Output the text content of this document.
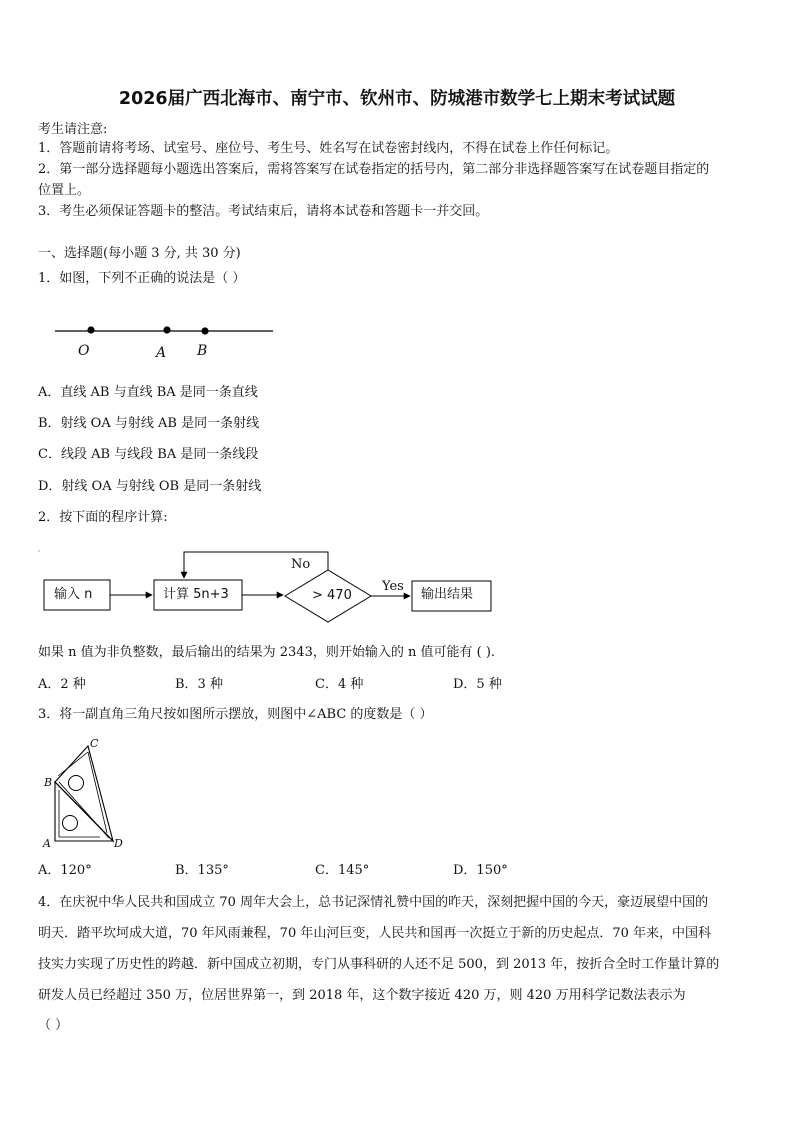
2026届广西北海市、南宁市、钦州市、防城港市数学七上期末考试试题
考生请注意:
1．答题前请将考场、试室号、座位号、考生号、姓名写在试卷密封线内，不得在试卷上作任何标记。
2．第一部分选择题每小题选出答案后，需将答案写在试卷指定的括号内，第二部分非选择题答案写在试卷题目指定的
位置上。
3．考生必须保证答题卡的整洁。考试结束后，请将本试卷和答题卡一并交回。
一、选择题(每小题 3 分, 共 30 分)
1．如图，下列不正确的说法是（ ）
O	A B
A．直线 AB 与直线 BA 是同一条直线
B．射线 OA 与射线 AB 是同一条射线
C．线段 AB 与线段 BA 是同一条线段
D．射线 OA 与射线 OB 是同一条射线
2．按下面的程序计算:
,
输入 n	计算 5n+3	> 470
No
Yes
输出结果
如果 n 值为非负整数，最后输出的结果为 2343，则开始输入的 n 值可能有 ( ).
A．2 种	B．3 种	C．4 种	D．5 种
3．将一副直角三角尺按如图所示摆放，则图中∠ABC 的度数是（ ）
C
B
A	D
A．120°	B．135°	C．145°	D．150°
4．在庆祝中华人民共和国成立 70 周年大会上，总书记深情礼赞中国的昨天，深刻把握中国的今天，豪迈展望中国的
明天．踏平坎坷成大道，70 年风雨兼程，70 年山河巨变，人民共和国再一次挺立于新的历史起点．70 年来，中国科
技实力实现了历史性的跨越．新中国成立初期，专门从事科研的人还不足 500，到 2013 年，按折合全时工作量计算的
研发人员已经超过 350 万，位居世界第一，到 2018 年，这个数字接近 420 万，则 420 万用科学记数法表示为
（ ）
